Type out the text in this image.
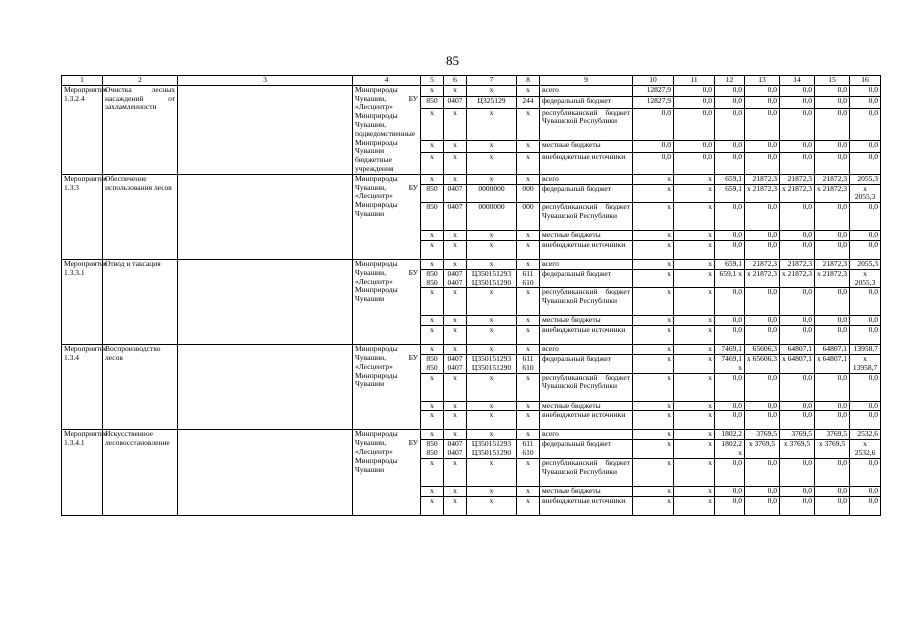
85
1	2	3	4	5	6	7	8	9	10	11	12	13	14	15	16
Мероприятие 1.3.2.4	Очистка лесных насаждений от захламленности		Минприроды Чувашии, БУ «Лесцентр» Минприроды Чувашии, подведомственные Минприроды Чувашии бюджетные учреждения	x	x	x	x	всего	12827,9	0,0	0,0	0,0	0,0	0,0	0,0
				850	0407	Ц325129	244	федеральный бюджет	12827,9	0,0	0,0	0,0	0,0	0,0	0,0
				x	x	x	x	республиканский бюджет Чувашской Республики	0,0	0,0	0,0	0,0	0,0	0,0	0,0
				x	x	x	x	местные бюджеты	0,0	0,0	0,0	0,0	0,0	0,0	0,0
				x	x	x	x	внебюджетные источники	0,0	0,0	0,0	0,0	0,0	0,0	0,0
Мероприятие 1.3.3	Обеспечение использования лесов		Минприроды Чувашии, БУ «Лесцентр» Минприроды Чувашии	x	x	x	x	всего	x	x	659,1	21872,3	21872,3	21872,3	2055,3
				850	0407	0000000	000	федеральный бюджет	x	x	659,1	x 21872,3	x 21872,3	x 21872,3	x 2055,3
				850	0407	0000000	000	республиканский бюджет Чувашской Республики	x	x	0,0	0,0	0,0	0,0	0,0
				x	x	x	x	местные бюджеты	x	x	0,0	0,0	0,0	0,0	0,0
				x	x	x	x	внебюджетные источники	x	x	0,0	0,0	0,0	0,0	0,0
Мероприятие 1.3.3.1	Отвод и таксация		Минприроды Чувашии, БУ «Лесцентр» Минприроды Чувашии	x	x	x	x	всего	x	x	659,1	21872,3	21872,3	21872,3	2055,3
				850 850	0407 0407	Ц350151293 Ц350151290	611 610	федеральный бюджет	x	x	659,1 x	x 21872,3	x 21872,3	x 21872,3	x 2055,3
				x	x	x	x	республиканский бюджет Чувашской Республики	x	x	0,0	0,0	0,0	0,0	0,0
				x	x	x	x	местные бюджеты	x	x	0,0	0,0	0,0	0,0	0,0
				x	x	x	x	внебюджетные источники	x	x	0,0	0,0	0,0	0,0	0,0
Мероприятие 1.3.4	Воспроизводство лесов		Минприроды Чувашии, БУ «Лесцентр» Минприроды Чувашии	x	x	x	x	всего	x	x	7469,1	65606,3	64807,1	64807,1	13958,7
				850 850	0407 0407	Ц350151293 Ц350151290	611 610	федеральный бюджет	x	x	7469,1 x	x 65606,3	x 64807,1	x 64807,1	x 13958,7
				x	x	x	x	республиканский бюджет Чувашской Республики	x	x	0,0	0,0	0,0	0,0	0,0
				x	x	x	x	местные бюджеты	x	x	0,0	0,0	0,0	0,0	0,0
				x	x	x	x	внебюджетные источники	x	x	0,0	0,0	0,0	0,0	0,0
Мероприятие 1.3.4.1	Искусственное лесовосстановление		Минприроды Чувашии, БУ «Лесцентр» Минприроды Чувашии	x	x	x	x	всего	x	x	1802,2	3769,5	3769,5	3769,5	2532,6
				850 850	0407 0407	Ц350151293 Ц350151290	611 610	федеральный бюджет	x	x	1802,2 x	x 3769,5	x 3769,5	x 3769,5	x 2532,6
				x	x	x	x	республиканский бюджет Чувашской Республики	x	x	0,0	0,0	0,0	0,0	0,0
				x	x	x	x	местные бюджеты	x	x	0,0	0,0	0,0	0,0	0,0
				x	x	x	x	внебюджетные источники	x	x	0,0	0,0	0,0	0,0	0,0
